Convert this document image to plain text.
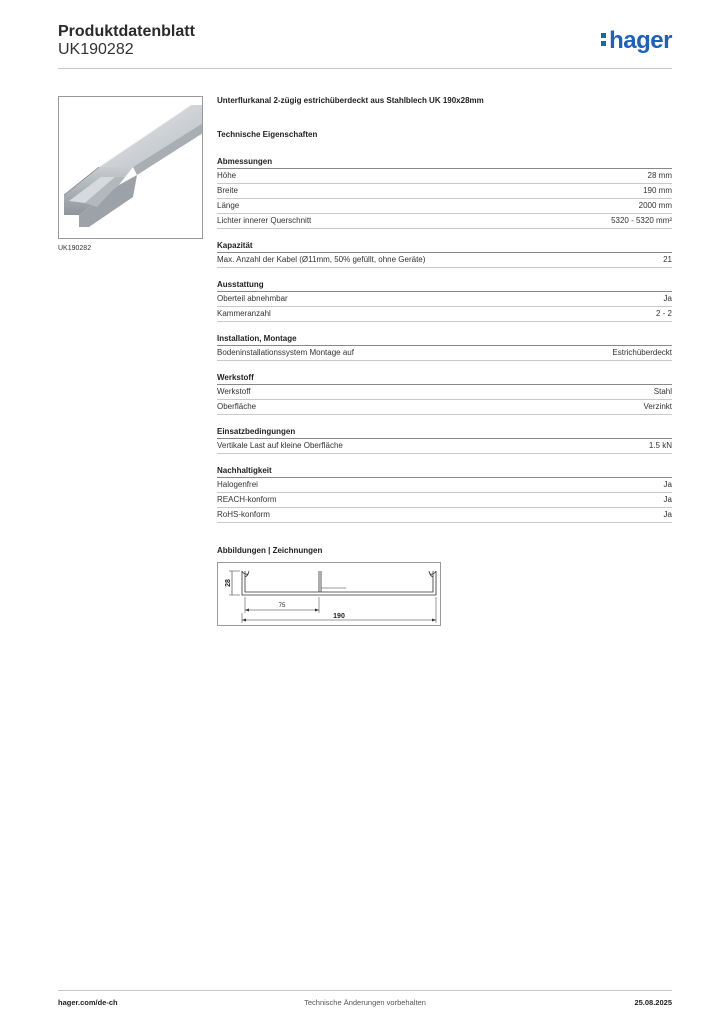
Produktdatenblatt
UK190282	hager
UK190282
Unterflurkanal 2-zügig estrichüberdeckt aus Stahlblech UK 190x28mm
Technische Eigenschaften
Abmessungen
Höhe	28 mm
Breite	190 mm
Länge	2000 mm
Lichter innerer Querschnitt	5320 - 5320 mm²
Kapazität
Max. Anzahl der Kabel (Ø11mm, 50% gefüllt, ohne Geräte)	21
Ausstattung
Oberteil abnehmbar	Ja
Kammeranzahl	2 - 2
Installation, Montage
Bodeninstallationssystem Montage auf	Estrichüberdeckt
Werkstoff
Werkstoff	Stahl
Oberfläche	Verzinkt
Einsatzbedingungen
Vertikale Last auf kleine Oberfläche	1.5 kN
Nachhaltigkeit
Halogenfrei	Ja
REACH-konform	Ja
RoHS-konform	Ja
Abbildungen | Zeichnungen
28
75
190
hager.com/de-ch	Technische Änderungen vorbehalten	25.08.2025
